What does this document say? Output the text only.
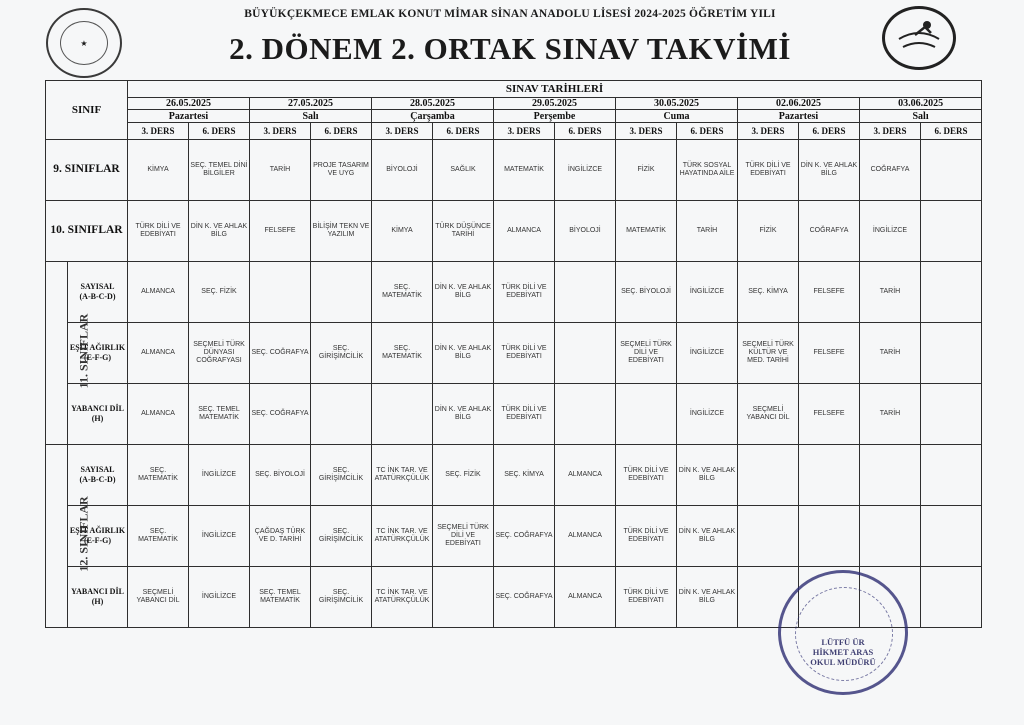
★
BÜYÜKÇEKMECE EMLAK KONUT MİMAR SİNAN ANADOLU LİSESİ 2024-2025 ÖĞRETİM YILI
2. DÖNEM 2. ORTAK SINAV TAKVİMİ
SINIF		SINAV TARİHLERİ													
		26.05.2025		27.05.2025		28.05.2025		29.05.2025		30.05.2025		02.06.2025		03.06.2025	
		Pazartesi		Salı		Çarşamba		Perşembe		Cuma		Pazartesi		Salı	
		3. DERS	6. DERS	3. DERS	6. DERS	3. DERS	6. DERS	3. DERS	6. DERS	3. DERS	6. DERS	3. DERS	6. DERS	3. DERS	6. DERS
9. SINIFLAR		KİMYA	SEÇ. TEMEL DİNİ BİLGİLER	TARİH	PROJE TASARIM VE UYG	BİYOLOJİ	SAĞLIK	MATEMATİK	İNGİLİZCE	FİZİK	TÜRK SOSYAL HAYATINDA AİLE	TÜRK DİLİ VE EDEBİYATI	DİN K. VE AHLAK BİLG	COĞRAFYA	
10. SINIFLAR		TÜRK DİLİ VE EDEBİYATI	DİN K. VE AHLAK BİLG	FELSEFE	BİLİŞİM TEKN VE YAZILIM	KİMYA	TÜRK DÜŞÜNCE TARİHİ	ALMANCA	BİYOLOJİ	MATEMATİK	TARİH	FİZİK	COĞRAFYA	İNGİLİZCE	
11. SINIFLAR	SAYISAL
(A-B-C-D)	ALMANCA	SEÇ. FİZİK			SEÇ. MATEMATİK	DİN K. VE AHLAK BİLG	TÜRK DİLİ VE EDEBİYATI		SEÇ. BİYOLOJİ	İNGİLİZCE	SEÇ. KİMYA	FELSEFE	TARİH	

	EŞİT AĞIRLIK
(E-F-G)	ALMANCA	SEÇMELİ TÜRK DÜNYASI COĞRAFYASI	SEÇ. COĞRAFYA	SEÇ. GİRİŞİMCİLİK	SEÇ. MATEMATİK	DİN K. VE AHLAK BİLG	TÜRK DİLİ VE EDEBİYATI		SEÇMELİ TÜRK DİLİ VE EDEBİYATI	İNGİLİZCE	SEÇMELİ TÜRK KÜLTÜR VE MED. TARİHİ	FELSEFE	TARİH	

	YABANCI DİL
(H)	ALMANCA	SEÇ. TEMEL MATEMATİK	SEÇ. COĞRAFYA			DİN K. VE AHLAK BİLG	TÜRK DİLİ VE EDEBİYATI			İNGİLİZCE	SEÇMELİ YABANCI DİL	FELSEFE	TARİH	
12. SINIFLAR	SAYISAL
(A-B-C-D)	SEÇ. MATEMATİK	İNGİLİZCE	SEÇ. BİYOLOJİ	SEÇ. GİRİŞİMCİLİK	TC İNK TAR. VE ATATÜRKÇÜLÜK	SEÇ. FİZİK	SEÇ. KİMYA	ALMANCA	TÜRK DİLİ VE EDEBİYATI	DİN K. VE AHLAK BİLG				

	EŞİT AĞIRLIK
(E-F-G)	SEÇ. MATEMATİK	İNGİLİZCE	ÇAĞDAŞ TÜRK VE D. TARİHİ	SEÇ. GİRİŞİMCİLİK	TC İNK TAR. VE ATATÜRKÇÜLÜK	SEÇMELİ TÜRK DİLİ VE EDEBİYATI	SEÇ. COĞRAFYA	ALMANCA	TÜRK DİLİ VE EDEBİYATI	DİN K. VE AHLAK BİLG				

	YABANCI DİL
(H)	SEÇMELİ YABANCI DİL	İNGİLİZCE	SEÇ. TEMEL MATEMATİK	SEÇ. GİRİŞİMCİLİK	TC İNK TAR. VE ATATÜRKÇÜLÜK		SEÇ. COĞRAFYA	ALMANCA	TÜRK DİLİ VE EDEBİYATI	DİN K. VE AHLAK BİLG				
LÜTFÜ ÜR
HİKMET ARAS
OKUL MÜDÜRÜ
